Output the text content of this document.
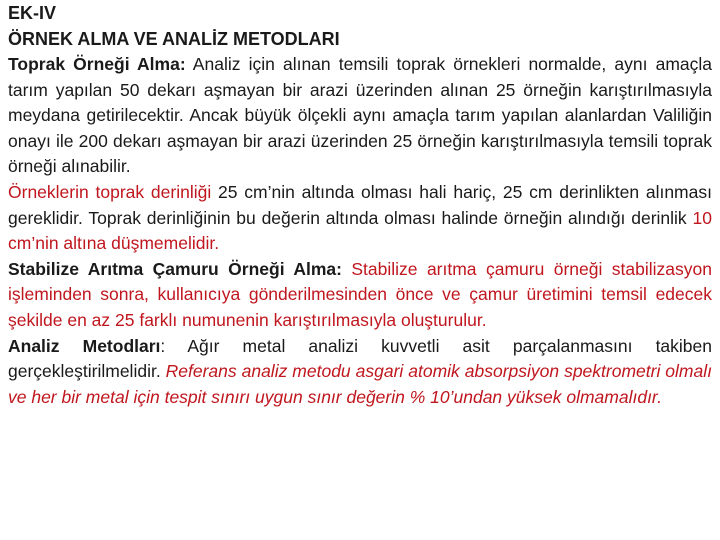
EK-IV
ÖRNEK ALMA VE ANALİZ METODLARI

Toprak Örneği Alma: Analiz için alınan temsili toprak örnekleri normalde, aynı amaçla tarım yapılan 50 dekarı aşmayan bir arazi üzerinden alınan 25 örneğin karıştırılmasıyla meydana getirilecektir. Ancak büyük ölçekli aynı amaçla tarım yapılan alanlardan Valiliğin onayı ile 200 dekarı aşmayan bir arazi üzerinden 25 örneğin karıştırılmasıyla temsili toprak örneği alınabilir.

Örneklerin toprak derinliği 25 cm’nin altında olması hali hariç, 25 cm derinlikten alınması gereklidir. Toprak derinliğinin bu değerin altında olması halinde örneğin alındığı derinlik 10 cm’nin altına düşmemelidir.

Stabilize Arıtma Çamuru Örneği Alma: Stabilize arıtma çamuru örneği stabilizasyon işleminden sonra, kullanıcıya gönderilmesinden önce ve çamur üretimini temsil edecek şekilde en az 25 farklı numunenin karıştırılmasıyla oluşturulur.

Analiz Metodları: Ağır metal analizi kuvvetli asit parçalanmasını takiben gerçekleştirilmelidir. Referans analiz metodu asgari atomik absorpsiyon spektrometri olmalı ve her bir metal için tespit sınırı uygun sınır değerin % 10’undan yüksek olmamalıdır.
